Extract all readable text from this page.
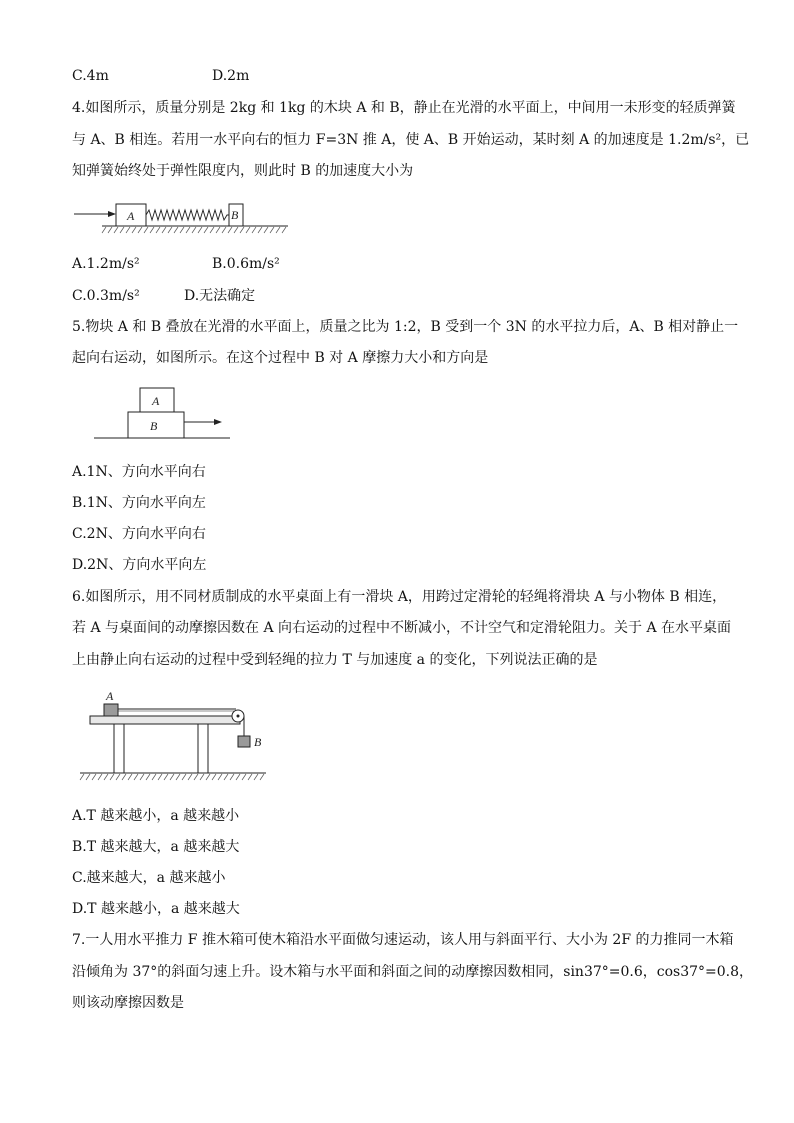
C.4m	D.2m
4.如图所示，质量分别是 2kg 和 1kg 的木块 A 和 B，静止在光滑的水平面上，中间用一未形变的轻质弹簧
与 A、B 相连。若用一水平向右的恒力 F=3N 推 A，使 A、B 开始运动，某时刻 A 的加速度是 1.2m/s²，已
知弹簧始终处于弹性限度内，则此时 B 的加速度大小为
A	B
A.1.2m/s²	B.0.6m/s²
C.0.3m/s²	D.无法确定
5.物块 A 和 B 叠放在光滑的水平面上，质量之比为 1:2，B 受到一个 3N 的水平拉力后，A、B 相对静止一
起向右运动，如图所示。在这个过程中 B 对 A 摩擦力大小和方向是
A
B
A.1N、方向水平向右
B.1N、方向水平向左
C.2N、方向水平向右
D.2N、方向水平向左
6.如图所示，用不同材质制成的水平桌面上有一滑块 A，用跨过定滑轮的轻绳将滑块 A 与小物体 B 相连，
若 A 与桌面间的动摩擦因数在 A 向右运动的过程中不断减小，不计空气和定滑轮阻力。关于 A 在水平桌面
上由静止向右运动的过程中受到轻绳的拉力 T 与加速度 a 的变化，下列说法正确的是
A
B
A.T 越来越小，a 越来越小
B.T 越来越大，a 越来越大
C.越来越大，a 越来越小
D.T 越来越小，a 越来越大
7.一人用水平推力 F 推木箱可使木箱沿水平面做匀速运动，该人用与斜面平行、大小为 2F 的力推同一木箱
沿倾角为 37°的斜面匀速上升。设木箱与水平面和斜面之间的动摩擦因数相同，sin37°=0.6，cos37°=0.8，
则该动摩擦因数是
